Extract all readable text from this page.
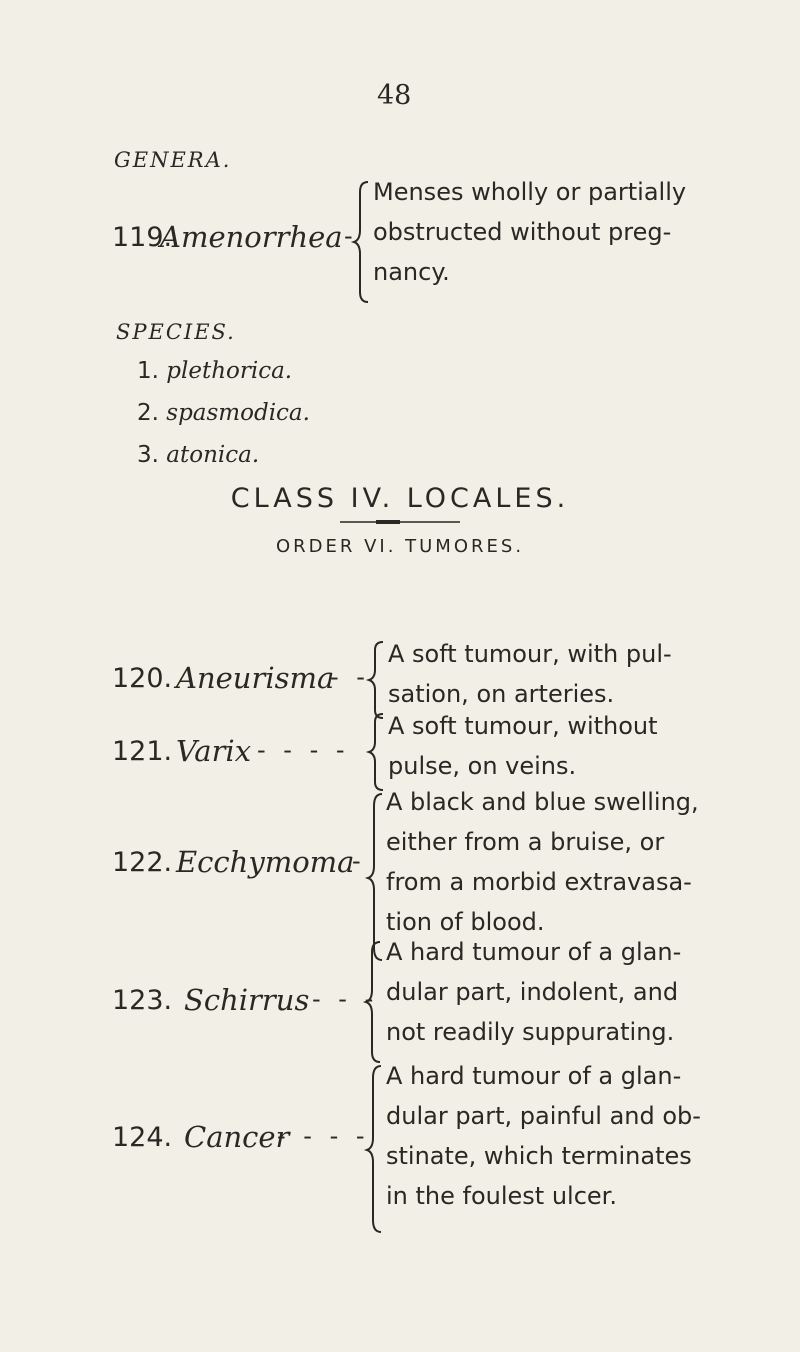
48
GENERA.
119.
Amenorrhea -
Menses wholly or partially
obstructed without preg-
nancy.
SPECIES.
1. plethorica.
2. spasmodica.
3. atonica.
CLASS IV. LOCALES.
ORDER VI. TUMORES.
120. Aneurisma
- -
A soft tumour, with pul-
sation, on arteries.
121. Varix - - - -
A soft tumour, without
pulse, on veins.
122. Ecchymoma
-
A black and blue swelling,
either from a bruise, or
from a morbid extravasa-
tion of blood.
123. Schirrus - - -
A hard tumour of a glan-
dular part, indolent, and
not readily suppurating.
124. Cancer
- - - -
A hard tumour of a glan-
dular part, painful and ob-
stinate, which terminates
in the foulest ulcer.
